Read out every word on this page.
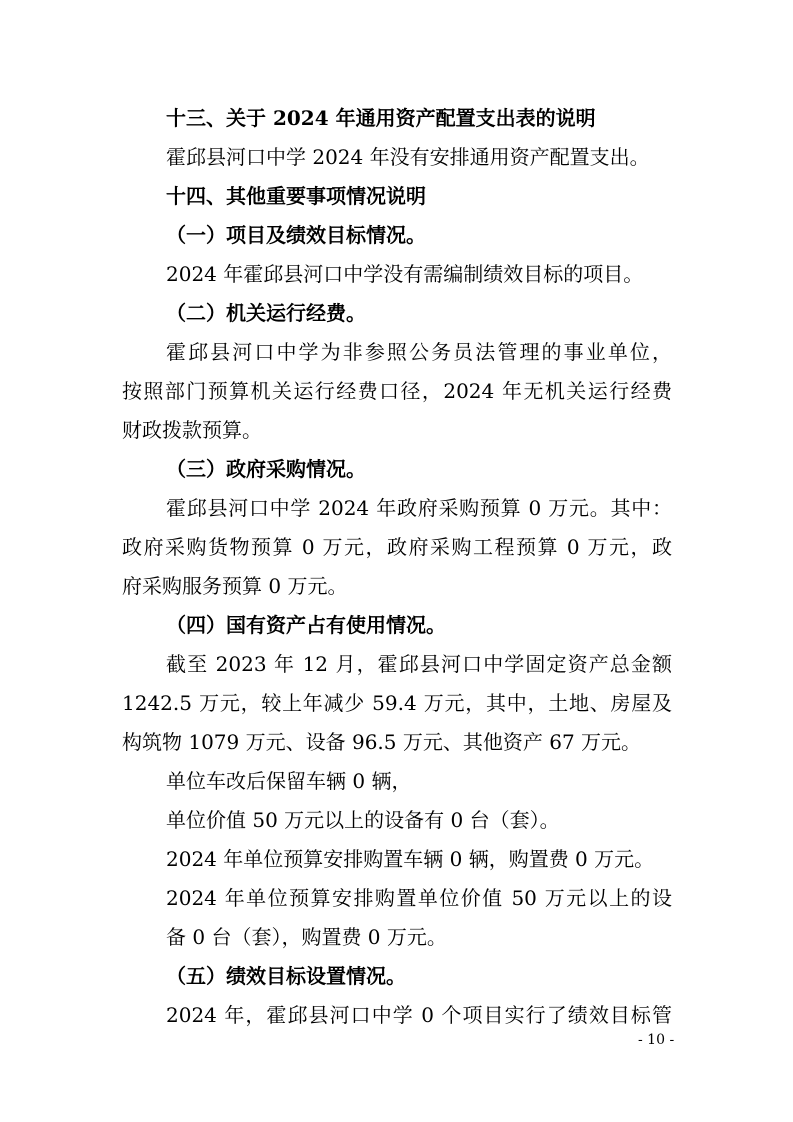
十三、关于 2024 年通用资产配置支出表的说明

霍邱县河口中学 2024 年没有安排通用资产配置支出。

十四、其他重要事项情况说明

（一）项目及绩效目标情况。

2024 年霍邱县河口中学没有需编制绩效目标的项目。

（二）机关运行经费。

霍邱县河口中学为非参照公务员法管理的事业单位，

按照部门预算机关运行经费口径，2024 年无机关运行经费

财政拨款预算。

（三）政府采购情况。

霍邱县河口中学 2024 年政府采购预算 0 万元。其中：

政府采购货物预算 0 万元，政府采购工程预算 0 万元，政

府采购服务预算 0 万元。

（四）国有资产占有使用情况。

截至 2023 年 12 月，霍邱县河口中学固定资产总金额

1242.5 万元，较上年减少 59.4 万元，其中，土地、房屋及

构筑物 1079 万元、设备 96.5 万元、其他资产 67 万元。

单位车改后保留车辆 0 辆，

单位价值 50 万元以上的设备有 0 台（套）。

2024 年单位预算安排购置车辆 0 辆，购置费 0 万元。

2024 年单位预算安排购置单位价值 50 万元以上的设

备 0 台（套），购置费 0 万元。

（五）绩效目标设置情况。

2024 年，霍邱县河口中学 0 个项目实行了绩效目标管

- 10 -
